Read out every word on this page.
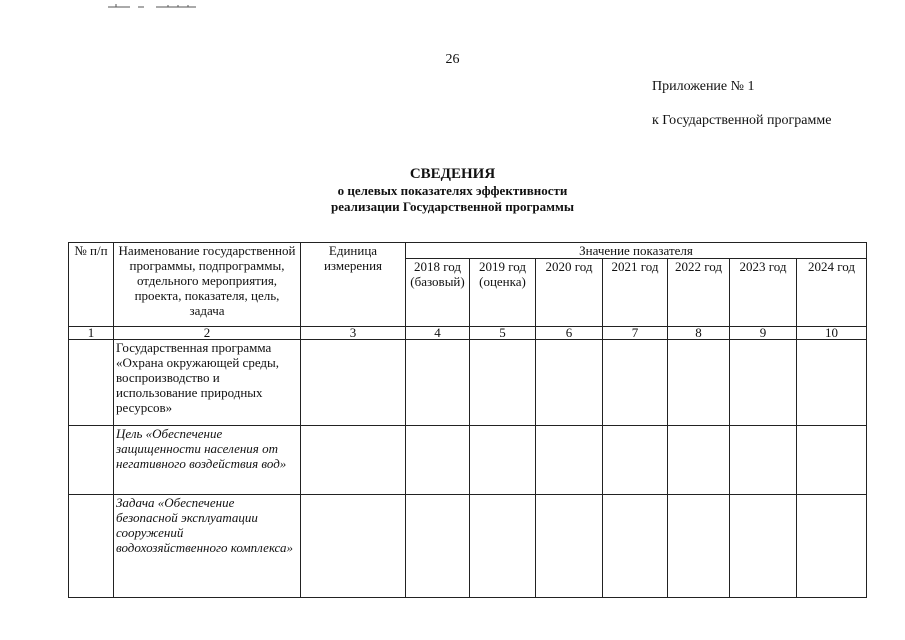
26
Приложение № 1
к Государственной программе
СВЕДЕНИЯ
о целевых показателях эффективности
реализации Государственной программы
№ п/п	Наименование государственной программы, подпрограммы, отдельного мероприятия, проекта, показателя, цель, задача	Единица измерения	Значение показателя						
			2018 год (базовый)	2019 год (оценка)	2020 год	2021 год	2022 год	2023 год	2024 год
1	2	3	4	5	6	7	8	9	10
	Государственная программа «Охрана окружающей среды, воспроизводство и использование природных ресурсов»								
	Цель «Обеспечение защищенности населения от негативного воздействия вод»								
	Задача «Обеспечение безопасной эксплуатации сооружений водохозяйственного комплекса»								
